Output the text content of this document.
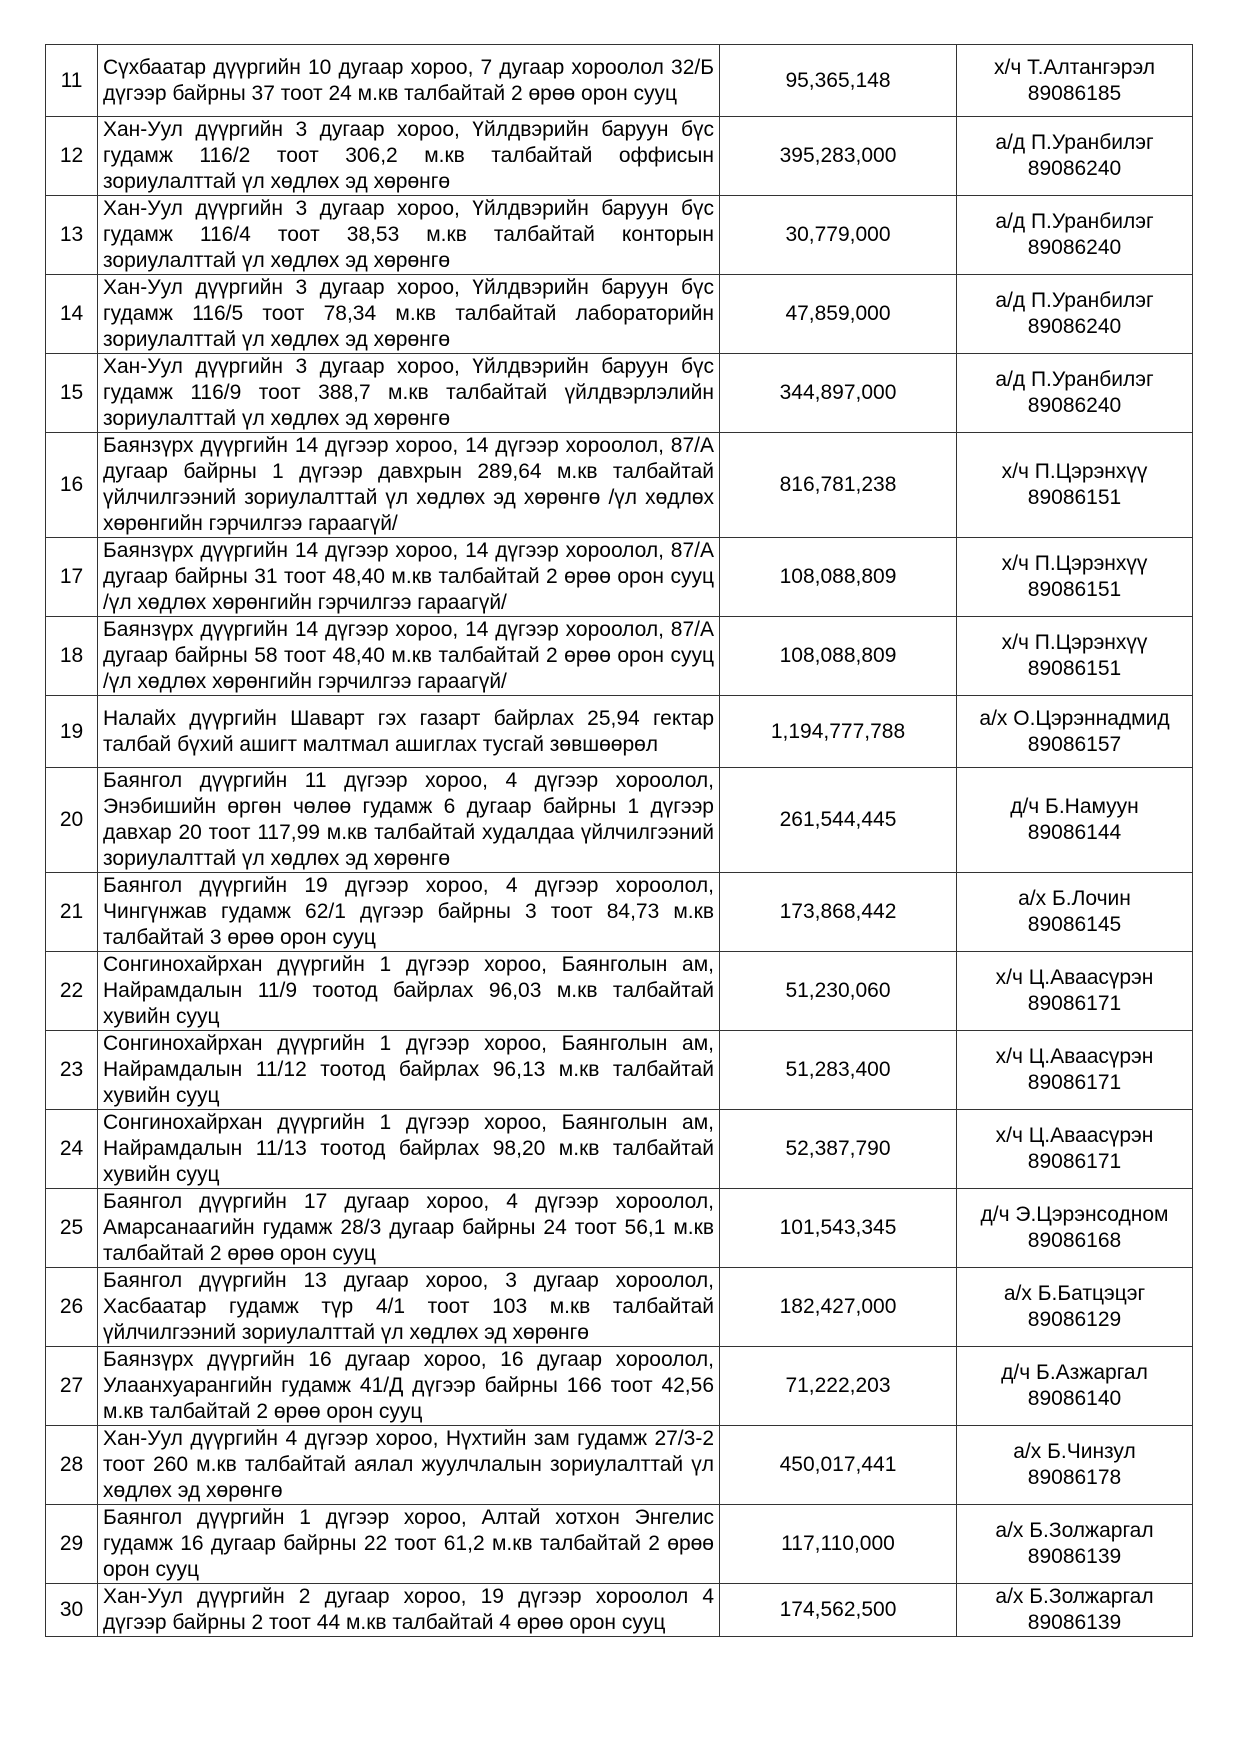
11	Сүхбаатар дүүргийн 10 дугаар хороо, 7 дугаар хороолол 32/Б дүгээр байрны 37 тоот 24 м.кв талбайтай 2 өрөө орон сууц	95,365,148	х/ч Т.Алтангэрэл
89086185

12	Хан-Уул дүүргийн 3 дугаар хороо, Үйлдвэрийн баруун бүс гудамж 116/2 тоот 306,2 м.кв талбайтай оффисын зориулалттай үл хөдлөх эд хөрөнгө	395,283,000	а/д П.Уранбилэг
89086240

13	Хан-Уул дүүргийн 3 дугаар хороо, Үйлдвэрийн баруун бүс гудамж 116/4 тоот 38,53 м.кв талбайтай конторын зориулалттай үл хөдлөх эд хөрөнгө	30,779,000	а/д П.Уранбилэг
89086240

14	Хан-Уул дүүргийн 3 дугаар хороо, Үйлдвэрийн баруун бүс гудамж 116/5 тоот 78,34 м.кв талбайтай лабораторийн зориулалттай үл хөдлөх эд хөрөнгө	47,859,000	а/д П.Уранбилэг
89086240

15	Хан-Уул дүүргийн 3 дугаар хороо, Үйлдвэрийн баруун бүс гудамж 116/9 тоот 388,7 м.кв талбайтай үйлдвэрлэлийн зориулалттай үл хөдлөх эд хөрөнгө	344,897,000	а/д П.Уранбилэг
89086240

16	Баянзүрх дүүргийн 14 дүгээр хороо, 14 дүгээр хороолол, 87/А дугаар байрны 1 дүгээр давхрын 289,64 м.кв талбайтай үйлчилгээний зориулалттай үл хөдлөх эд хөрөнгө /үл хөдлөх хөрөнгийн гэрчилгээ гараагүй/	816,781,238	х/ч П.Цэрэнхүү
89086151

17	Баянзүрх дүүргийн 14 дүгээр хороо, 14 дүгээр хороолол, 87/А дугаар байрны 31 тоот 48,40 м.кв талбайтай 2 өрөө орон сууц /үл хөдлөх хөрөнгийн гэрчилгээ гараагүй/	108,088,809	х/ч П.Цэрэнхүү
89086151

18	Баянзүрх дүүргийн 14 дүгээр хороо, 14 дүгээр хороолол, 87/А дугаар байрны 58 тоот 48,40 м.кв талбайтай 2 өрөө орон сууц /үл хөдлөх хөрөнгийн гэрчилгээ гараагүй/	108,088,809	х/ч П.Цэрэнхүү
89086151

19	Налайх дүүргийн Шаварт гэх газарт байрлах 25,94 гектар талбай бүхий ашигт малтмал ашиглах тусгай зөвшөөрөл	1,194,777,788	а/х О.Цэрэннадмид
89086157

20	Баянгол дүүргийн 11 дүгээр хороо, 4 дүгээр хороолол, Энэбишийн өргөн чөлөө гудамж 6 дугаар байрны 1 дүгээр давхар 20 тоот 117,99 м.кв талбайтай худалдаа үйлчилгээний зориулалттай үл хөдлөх эд хөрөнгө	261,544,445	д/ч Б.Намуун
89086144

21	Баянгол дүүргийн 19 дүгээр хороо, 4 дүгээр хороолол, Чингүнжав гудамж 62/1 дүгээр байрны 3 тоот 84,73 м.кв талбайтай 3 өрөө орон сууц	173,868,442	а/х Б.Лочин
89086145

22	Сонгинохайрхан дүүргийн 1 дүгээр хороо, Баянголын ам, Найрамдалын 11/9 тоотод байрлах 96,03 м.кв талбайтай хувийн сууц	51,230,060	х/ч Ц.Аваасүрэн
89086171

23	Сонгинохайрхан дүүргийн 1 дүгээр хороо, Баянголын ам, Найрамдалын 11/12 тоотод байрлах 96,13 м.кв талбайтай хувийн сууц	51,283,400	х/ч Ц.Аваасүрэн
89086171

24	Сонгинохайрхан дүүргийн 1 дүгээр хороо, Баянголын ам, Найрамдалын 11/13 тоотод байрлах 98,20 м.кв талбайтай хувийн сууц	52,387,790	х/ч Ц.Аваасүрэн
89086171

25	Баянгол дүүргийн 17 дугаар хороо, 4 дүгээр хороолол, Амарсанаагийн гудамж 28/3 дугаар байрны 24 тоот 56,1 м.кв талбайтай 2 өрөө орон сууц	101,543,345	д/ч Э.Цэрэнсодном
89086168

26	Баянгол дүүргийн 13 дугаар хороо, 3 дугаар хороолол, Хасбаатар гудамж түр 4/1 тоот 103 м.кв талбайтай үйлчилгээний зориулалттай үл хөдлөх эд хөрөнгө	182,427,000	а/х Б.Батцэцэг
89086129

27	Баянзүрх дүүргийн 16 дугаар хороо, 16 дугаар хороолол, Улаанхуарангийн гудамж 41/Д дүгээр байрны 166 тоот 42,56 м.кв талбайтай 2 өрөө орон сууц	71,222,203	д/ч Б.Азжаргал
89086140

28	Хан-Уул дүүргийн 4 дүгээр хороо, Нүхтийн зам гудамж 27/3-2 тоот 260 м.кв талбайтай аялал жуулчлалын зориулалттай үл хөдлөх эд хөрөнгө	450,017,441	а/х Б.Чинзул
89086178

29	Баянгол дүүргийн 1 дүгээр хороо, Алтай хотхон Энгелис гудамж 16 дугаар байрны 22 тоот 61,2 м.кв талбайтай 2 өрөө орон сууц	117,110,000	а/х Б.Золжаргал
89086139

30	Хан-Уул дүүргийн 2 дугаар хороо, 19 дүгээр хороолол 4 дүгээр байрны 2 тоот 44 м.кв талбайтай 4 өрөө орон сууц	174,562,500	а/х Б.Золжаргал
89086139
